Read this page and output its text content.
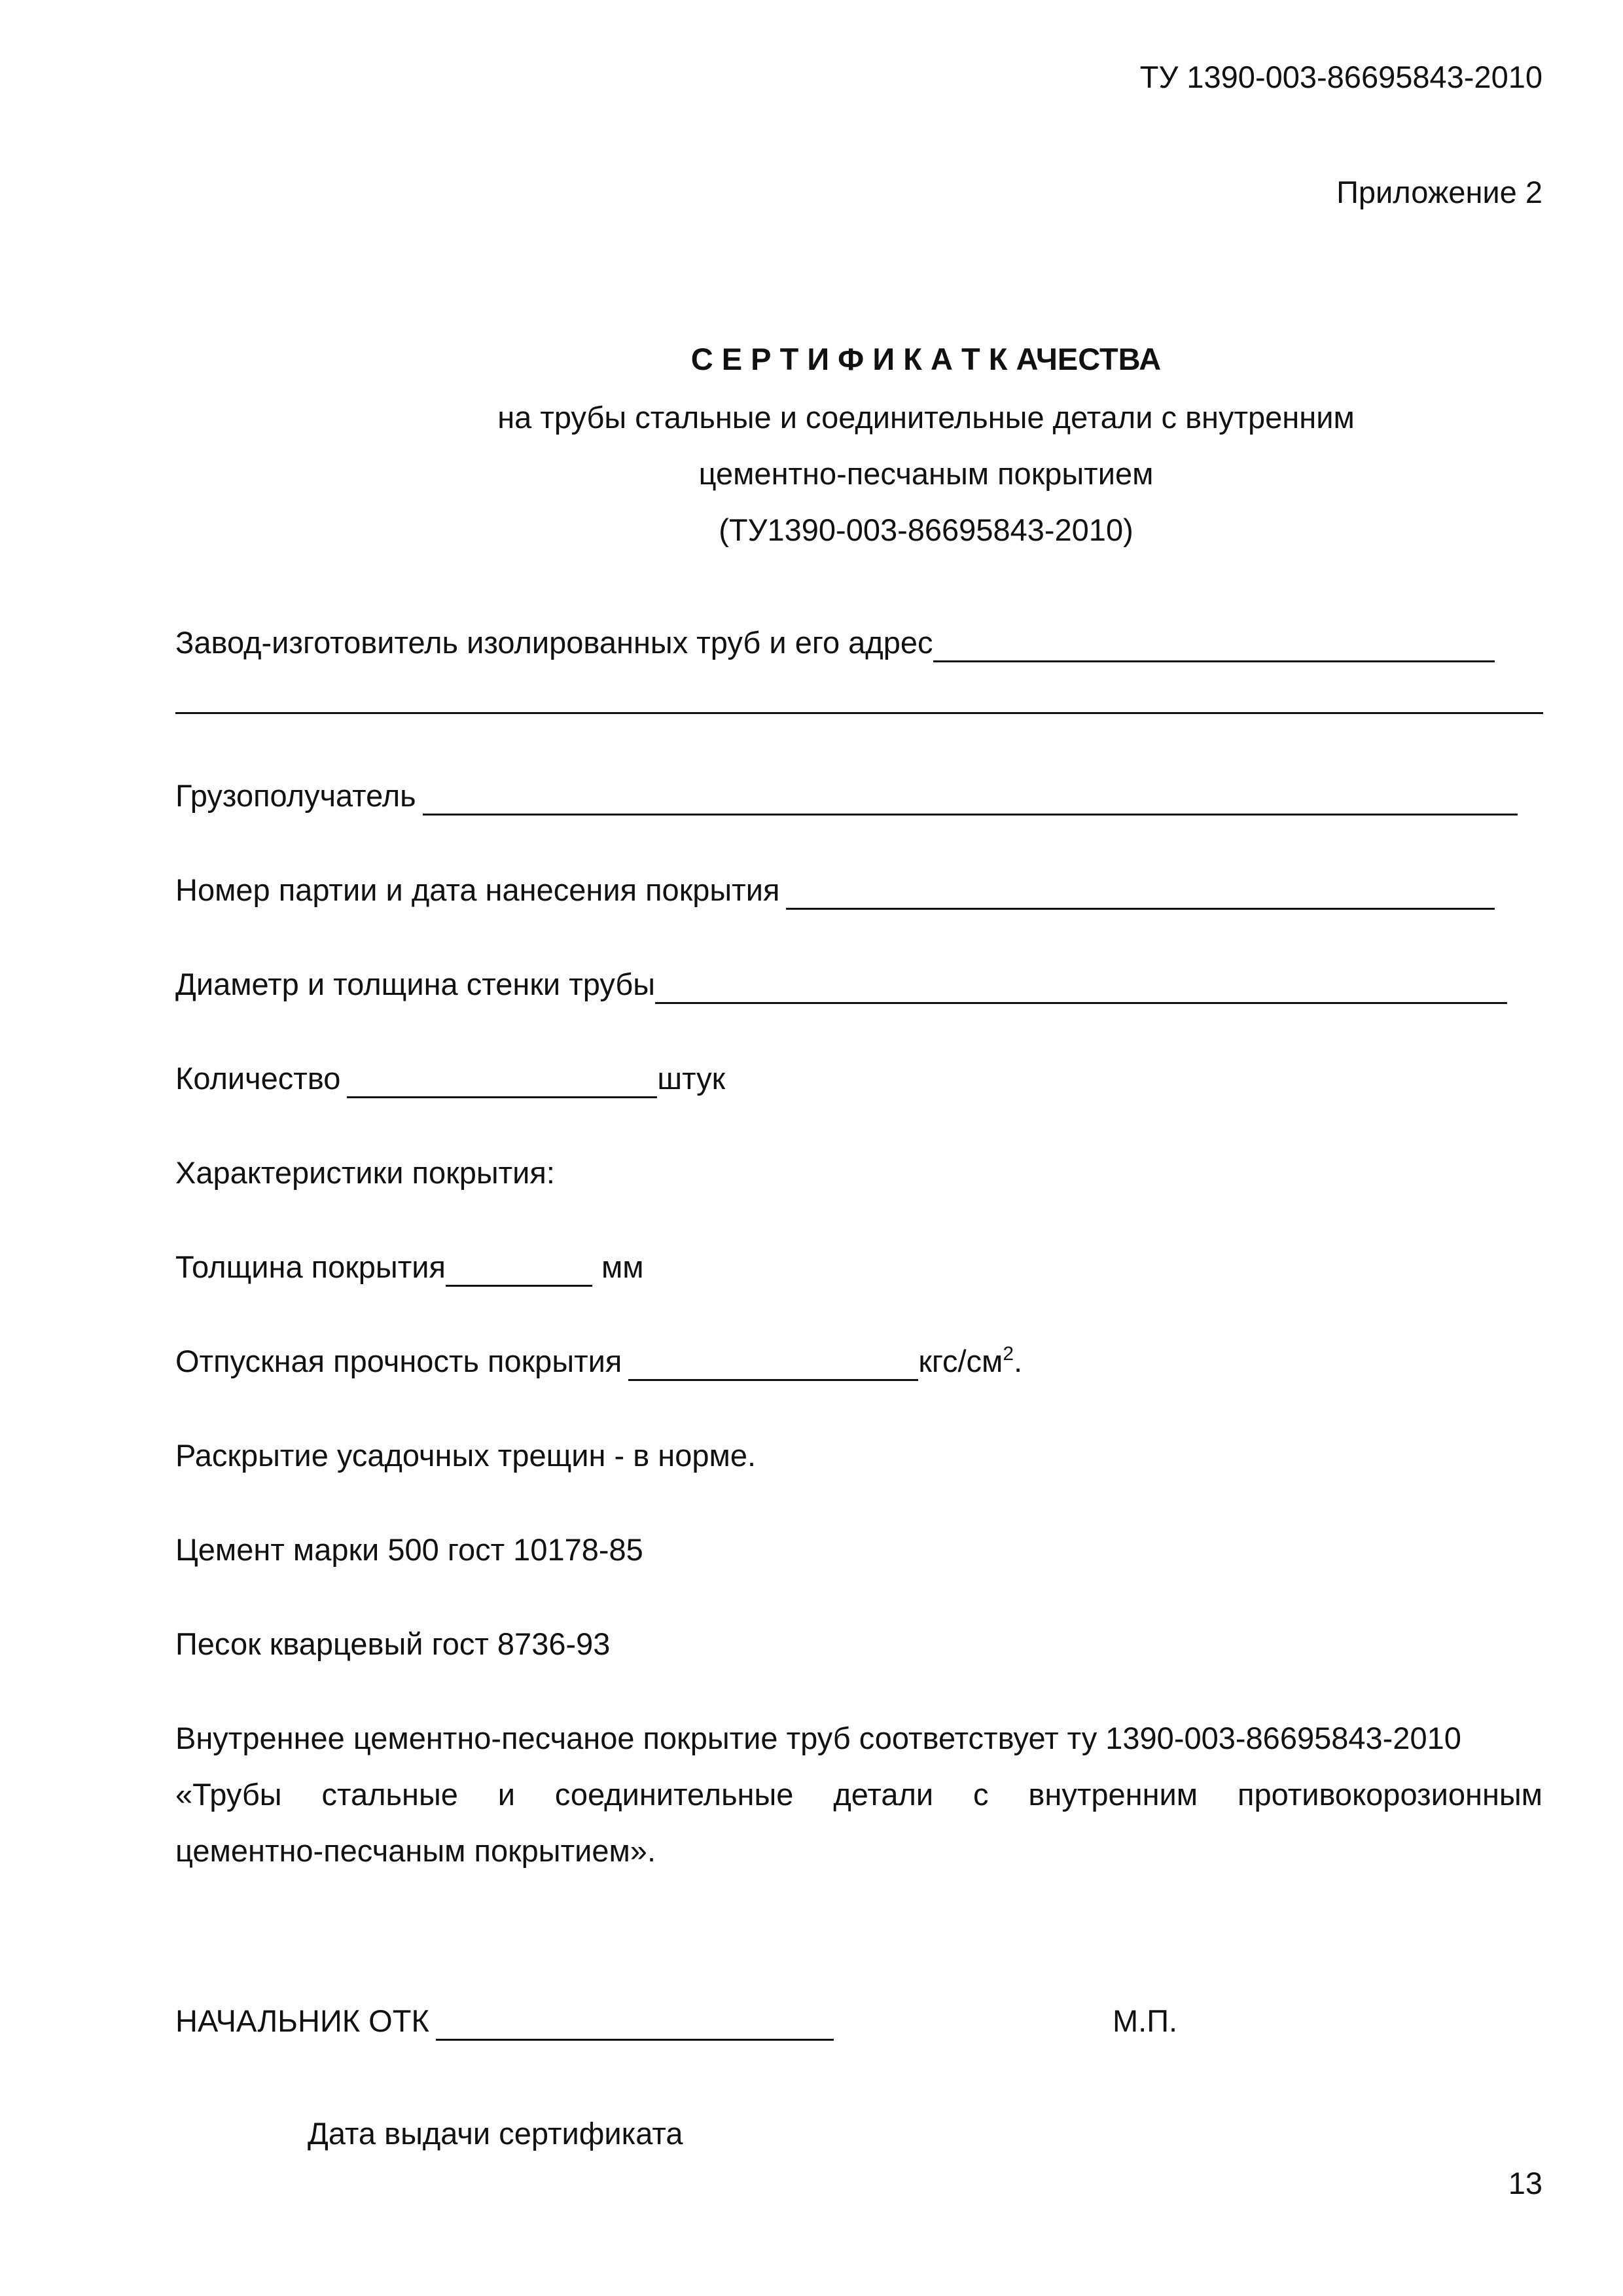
ТУ 1390-003-86695843-2010
Приложение 2
С Е Р Т И Ф И К А Т К АЧЕСТВА
на трубы стальные и соединительные детали с внутренним
цементно-песчаным покрытием
(ТУ1390-003-86695843-2010)
Завод-изготовитель изолированных труб и его адрес
Грузополучатель
Номер партии и дата нанесения покрытия
Диаметр и толщина стенки трубы
Количество	штук
Характеристики покрытия:
Толщина покрытия	мм
Отпускная прочность покрытия	кгс/$см^2$.
Раскрытие усадочных трещин - в норме.
Цемент марки 500 гост 10178-85
Песок кварцевый гост 8736-93
Внутреннее цементно-песчаное покрытие труб соответствует ту 1390-003-86695843-2010
«Трубы стальные и соединительные детали с внутренним противокорозионным
цементно-песчаным покрытием».
НАЧАЛЬНИК ОТК	М.П.
Дата выдачи сертификата
13
